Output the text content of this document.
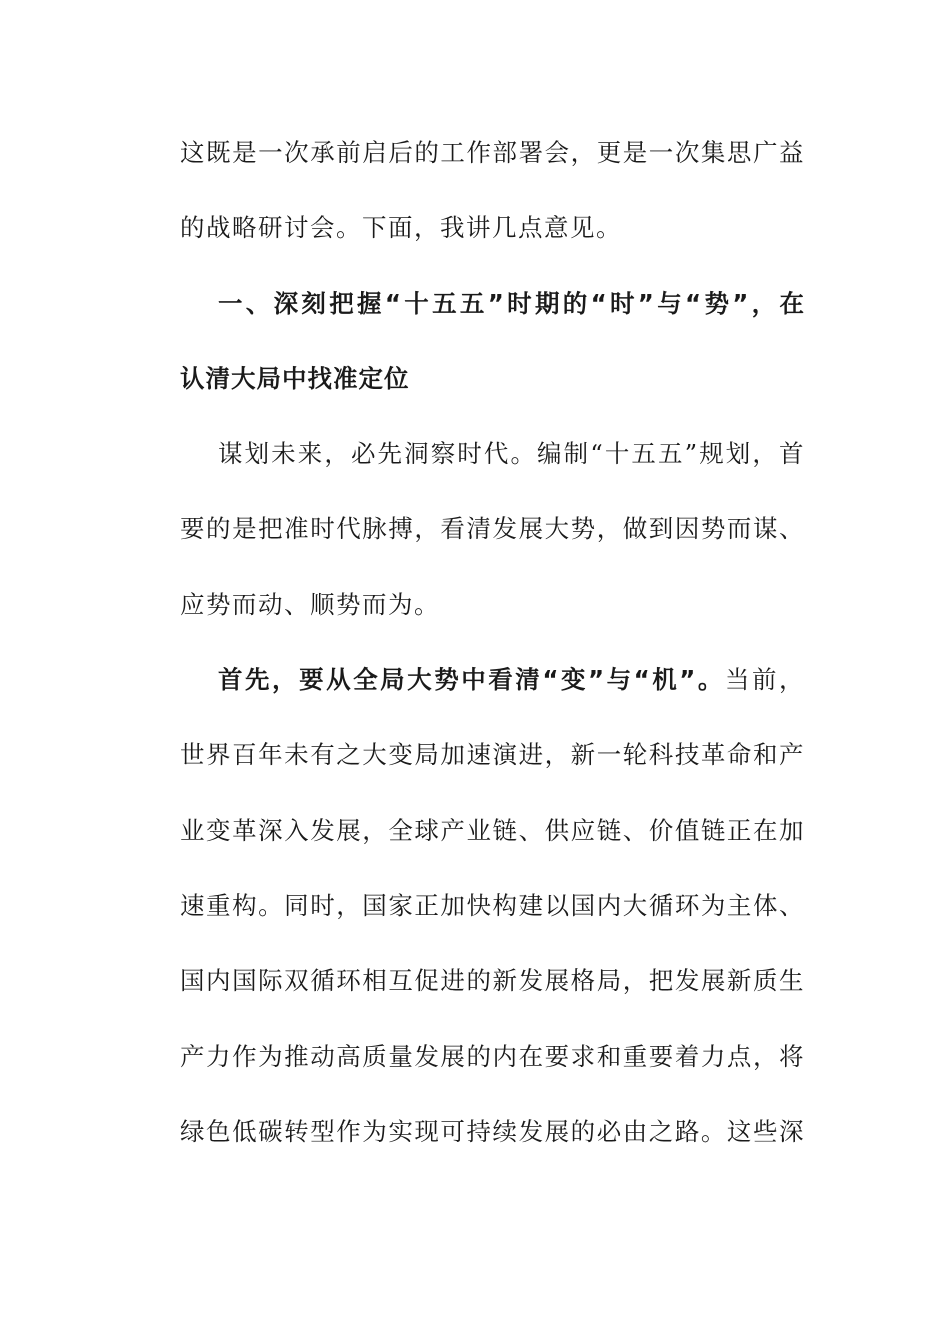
这既是一次承前启后的工作部署会，更是一次集思广益
的战略研讨会。下面，我讲几点意见。
一、深刻把握“十五五”时期的“时”与“势”，在
认清大局中找准定位
谋划未来，必先洞察时代。编制“十五五”规划，首
要的是把准时代脉搏，看清发展大势，做到因势而谋、
应势而动、顺势而为。
首先，要从全局大势中看清“变”与“机”。当前，
世界百年未有之大变局加速演进，新一轮科技革命和产
业变革深入发展，全球产业链、供应链、价值链正在加
速重构。同时，国家正加快构建以国内大循环为主体、
国内国际双循环相互促进的新发展格局，把发展新质生
产力作为推动高质量发展的内在要求和重要着力点，将
绿色低碳转型作为实现可持续发展的必由之路。这些深
